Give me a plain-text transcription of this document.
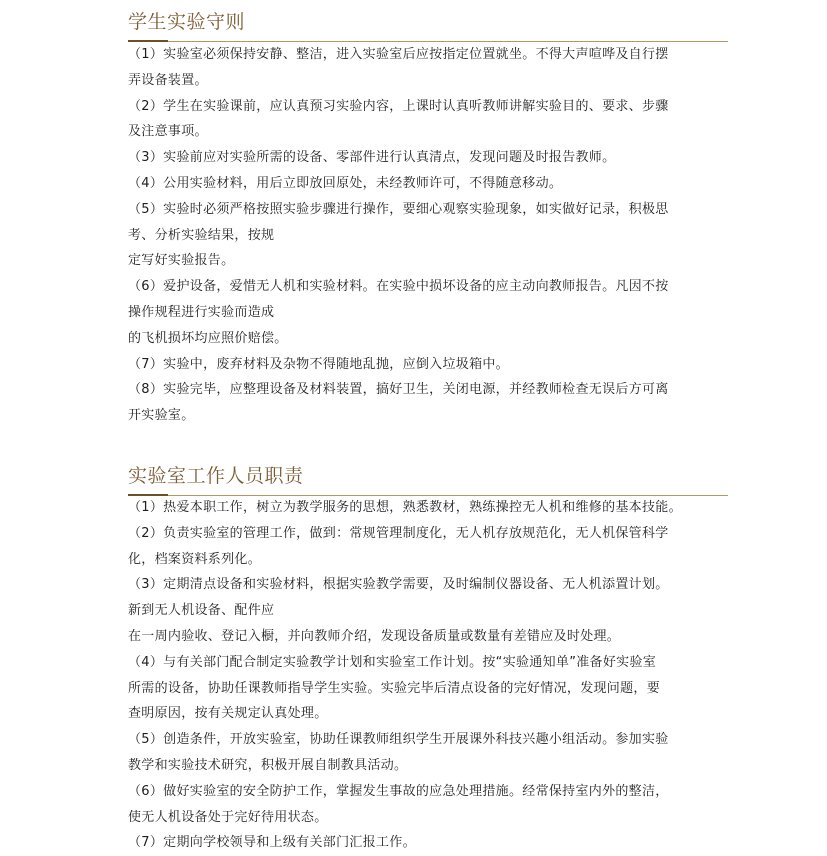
学生实验守则
（1）实验室必须保持安静、整洁，进入实验室后应按指定位置就坐。不得大声喧哗及自行摆
弄设备装置。
（2）学生在实验课前，应认真预习实验内容，上课时认真听教师讲解实验目的、要求、步骤
及注意事项。
（3）实验前应对实验所需的设备、零部件进行认真清点，发现问题及时报告教师。
（4）公用实验材料，用后立即放回原处，未经教师许可，不得随意移动。
（5）实验时必须严格按照实验步骤进行操作，要细心观察实验现象，如实做好记录，积极思
考、分析实验结果，按规
定写好实验报告。
（6）爱护设备，爱惜无人机和实验材料。在实验中损坏设备的应主动向教师报告。凡因不按
操作规程进行实验而造成
的飞机损坏均应照价赔偿。
（7）实验中，废弃材料及杂物不得随地乱抛，应倒入垃圾箱中。
（8）实验完毕，应整理设备及材料装置，搞好卫生，关闭电源，并经教师检查无误后方可离
开实验室。
实验室工作人员职责
（1）热爱本职工作，树立为教学服务的思想，熟悉教材，熟练操控无人机和维修的基本技能。
（2）负责实验室的管理工作，做到：常规管理制度化，无人机存放规范化，无人机保管科学
化，档案资料系列化。
（3）定期清点设备和实验材料，根据实验教学需要，及时编制仪器设备、无人机添置计划。
新到无人机设备、配件应
在一周内验收、登记入橱，并向教师介绍，发现设备质量或数量有差错应及时处理。
（4）与有关部门配合制定实验教学计划和实验室工作计划。按“实验通知单”准备好实验室
所需的设备，协助任课教师指导学生实验。实验完毕后清点设备的完好情况，发现问题，要
查明原因，按有关规定认真处理。
（5）创造条件，开放实验室，协助任课教师组织学生开展课外科技兴趣小组活动。参加实验
教学和实验技术研究，积极开展自制教具活动。
（6）做好实验室的安全防护工作，掌握发生事故的应急处理措施。经常保持室内外的整洁，
使无人机设备处于完好待用状态。
（7）定期向学校领导和上级有关部门汇报工作。
